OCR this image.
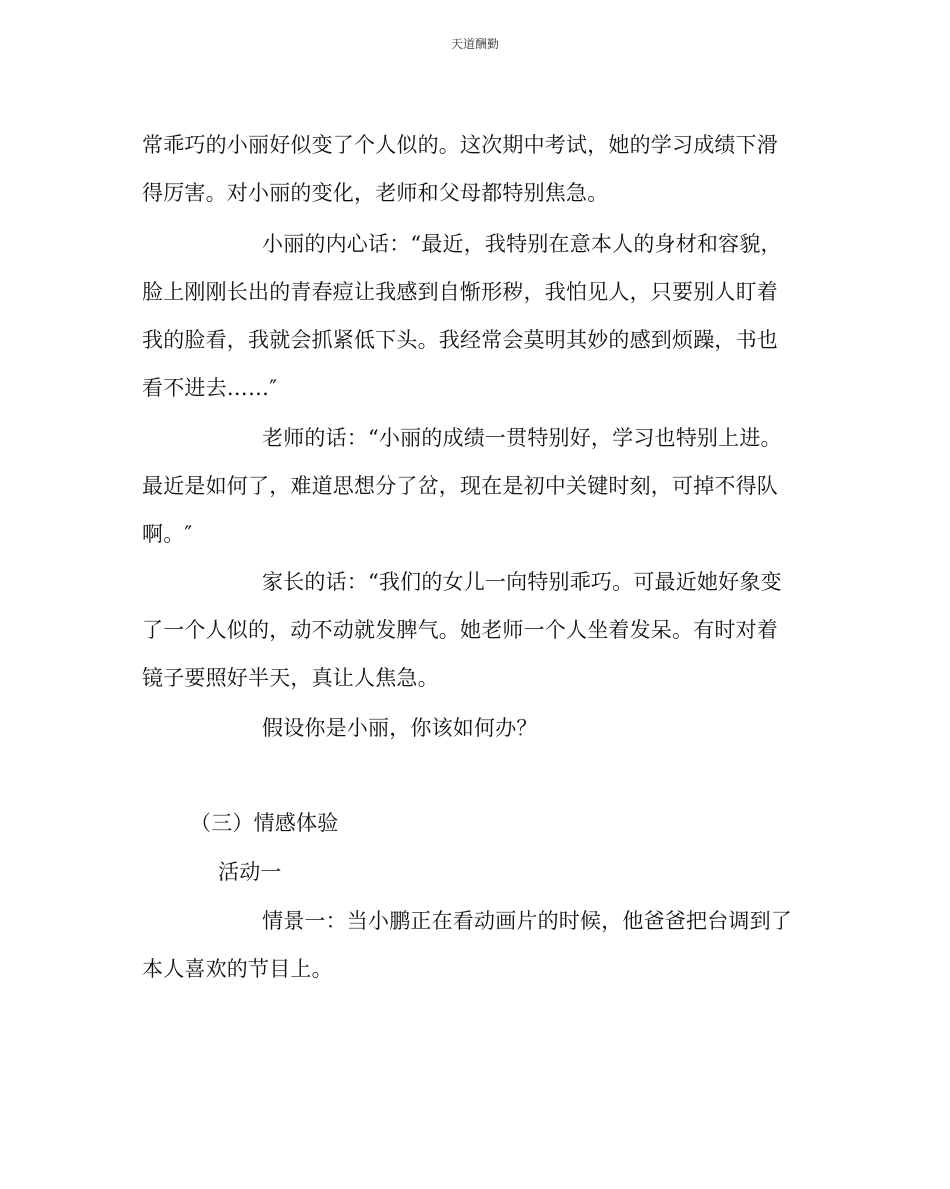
天道酬勤
常乖巧的小丽好似变了个人似的。这次期中考试，她的学习成绩下滑
得厉害。对小丽的变化，老师和父母都特别焦急。
小丽的内心话：“最近，我特别在意本人的身材和容貌，
脸上刚刚长出的青春痘让我感到自惭形秽，我怕见人，只要别人盯着
我的脸看，我就会抓紧低下头。我经常会莫明其妙的感到烦躁，书也
看不进去……″
老师的话：“小丽的成绩一贯特别好，学习也特别上进。
最近是如何了，难道思想分了岔，现在是初中关键时刻，可掉不得队
啊。″
家长的话：“我们的女儿一向特别乖巧。可最近她好象变
了一个人似的，动不动就发脾气。她老师一个人坐着发呆。有时对着
镜子要照好半天，真让人焦急。
假设你是小丽，你该如何办？
（三）情感体验
活动一
情景一：当小鹏正在看动画片的时候，他爸爸把台调到了
本人喜欢的节目上。
